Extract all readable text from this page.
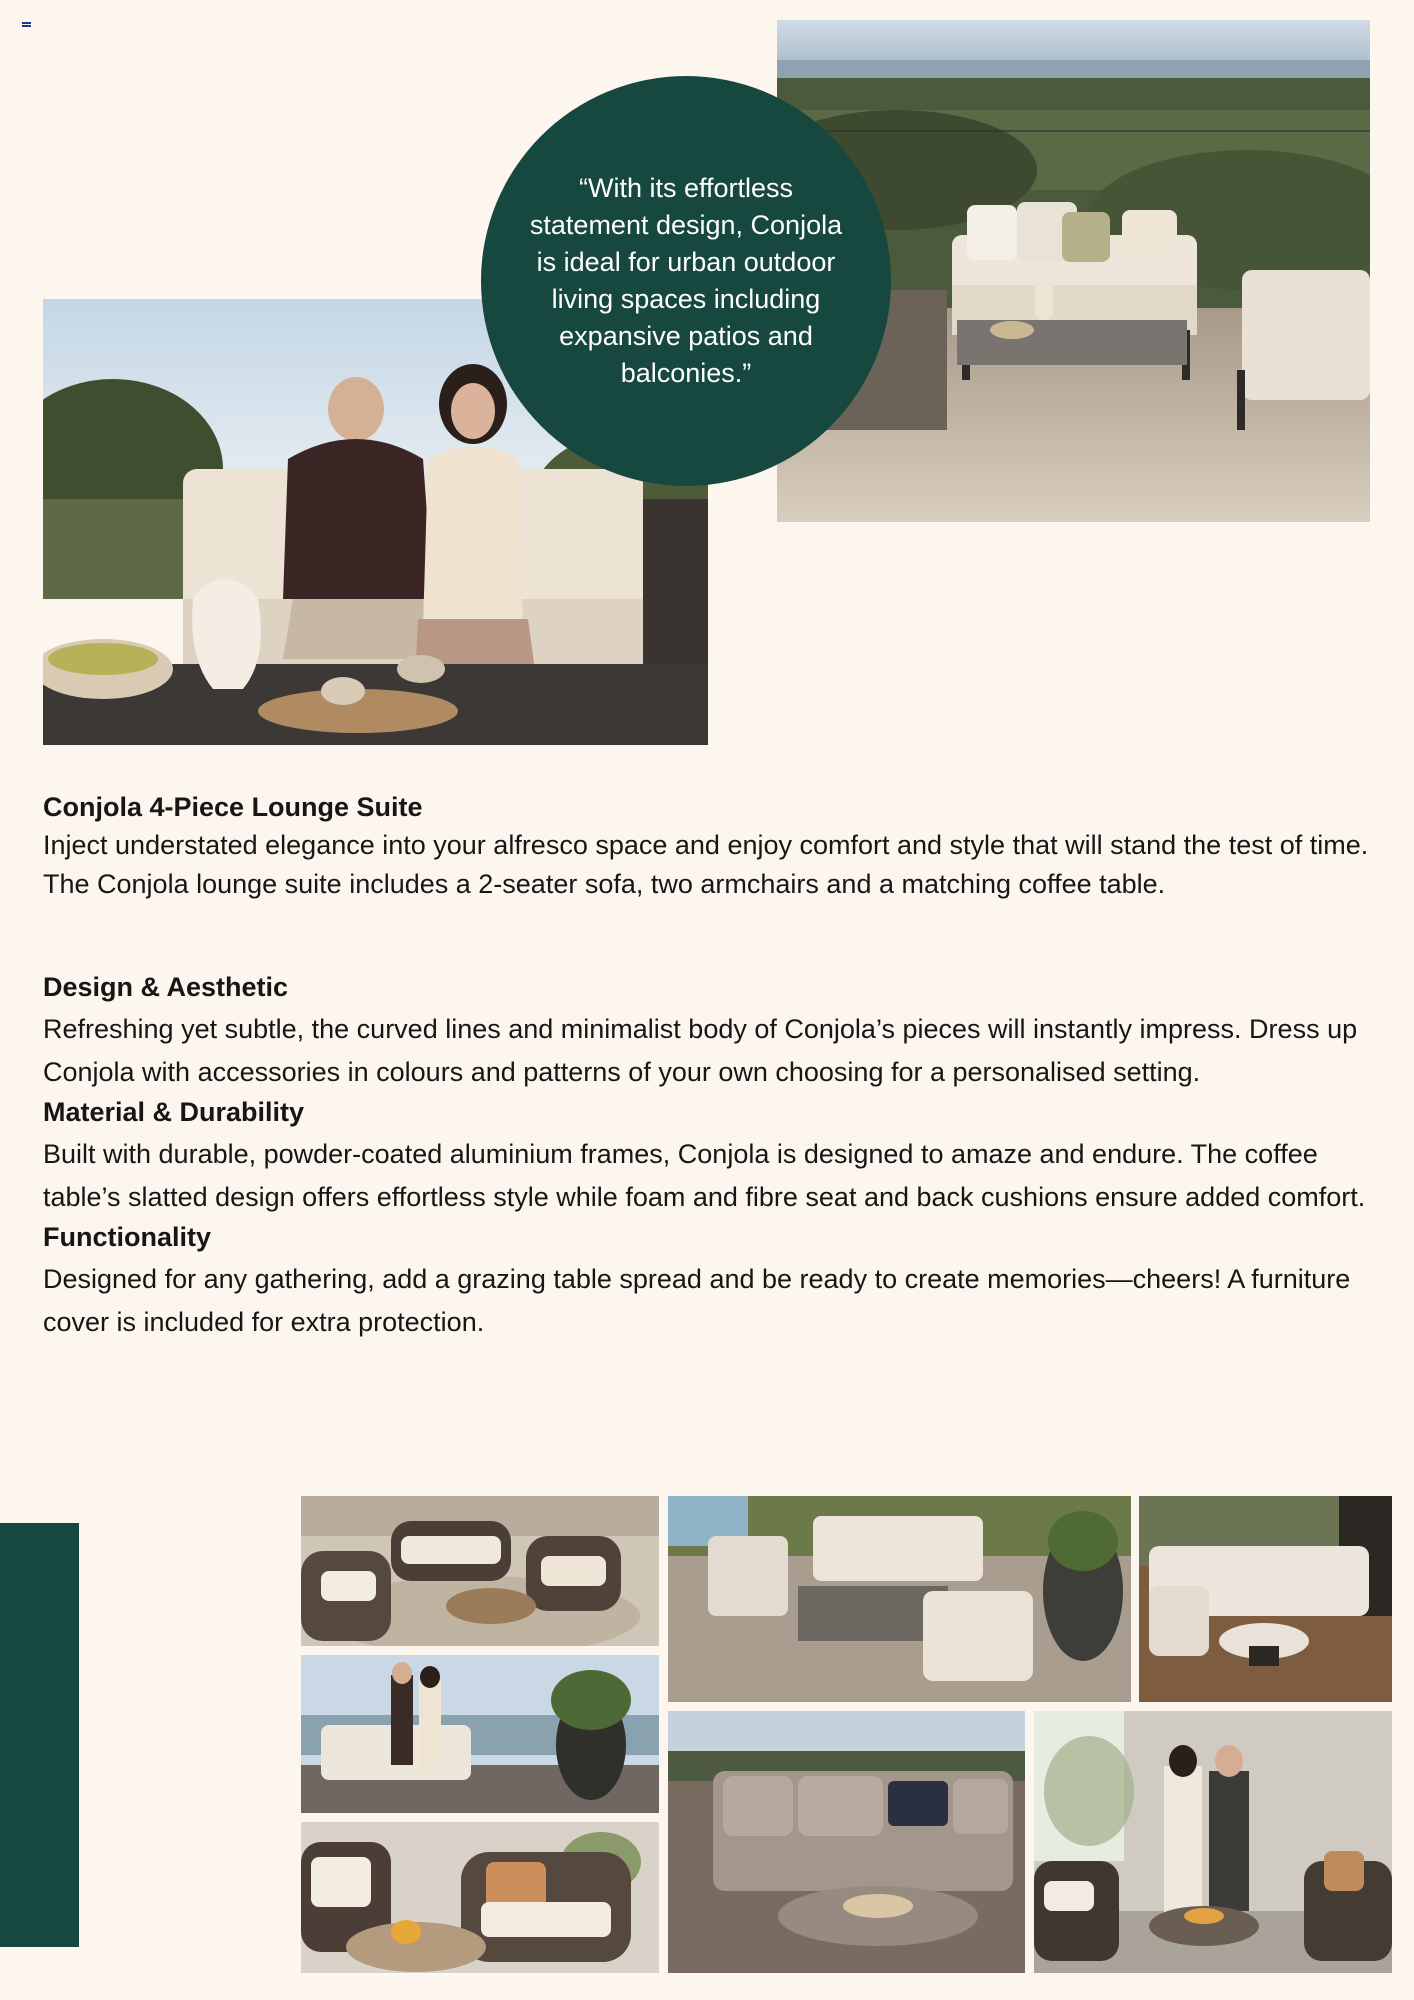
“With its effortless statement design, Conjola is ideal for urban outdoor living spaces including expansive patios and balconies.”

Conjola 4-Piece Lounge Suite

Inject understated elegance into your alfresco space and enjoy comfort and style that will stand the test of time. The Conjola lounge suite includes a 2-seater sofa, two armchairs and a matching coffee table.

Design & Aesthetic

Refreshing yet subtle, the curved lines and minimalist body of Conjola’s pieces will instantly impress. Dress up Conjola with accessories in colours and patterns of your own choosing for a personalised setting.

Material & Durability

Built with durable, powder-coated aluminium frames, Conjola is designed to amaze and endure. The coffee table’s slatted design offers effortless style while foam and fibre seat and back cushions ensure added comfort.

Functionality

Designed for any gathering, add a grazing table spread and be ready to create memories—cheers! A furniture cover is included for extra protection.
